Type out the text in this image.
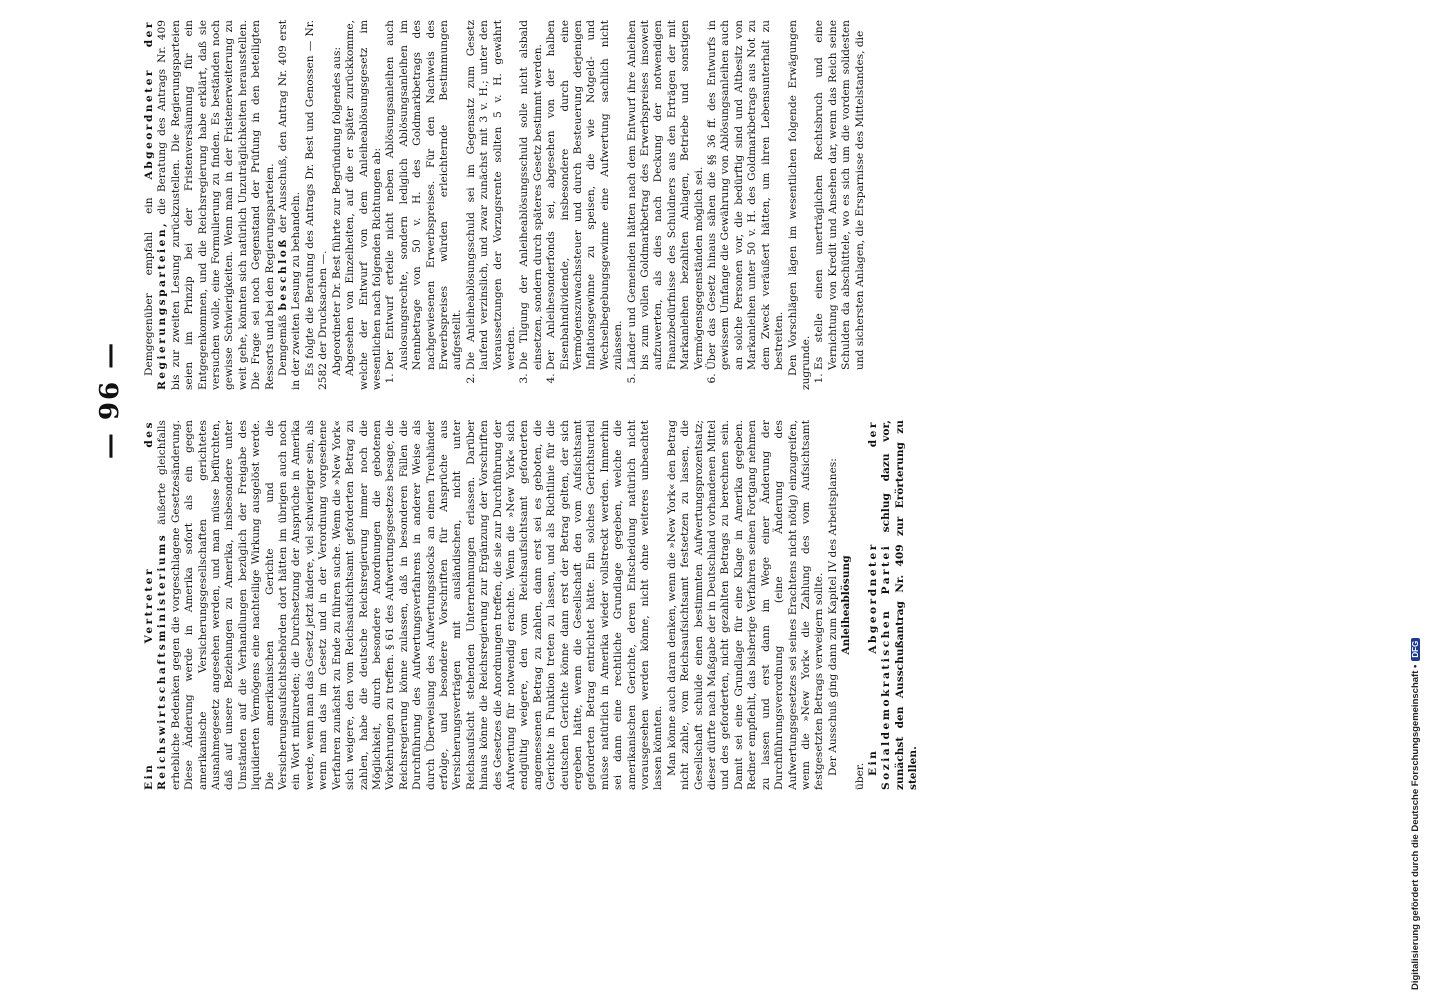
— 96 —

Ein Vertreter des Reichswirtschaftsministeriums äußerte gleichfalls erhebliche Bedenken gegen die vorgeschlagene Gesetzesänderung. Diese Änderung werde in Amerika sofort als ein gegen amerikanische Versicherungsgesellschaften gerichtetes Ausnahmegesetz angesehen werden, und man müsse befürchten, daß auf unsere Beziehungen zu Amerika, insbesondere unter Umständen auf die Verhandlungen bezüglich der Freigabe des liquidierten Vermögens eine nachteilige Wirkung ausgelöst werde. Die amerikanischen Gerichte und die Versicherungsaufsichtsbehörden dort hätten im übrigen auch noch ein Wort mitzureden; die Durchsetzung der Ansprüche in Amerika werde, wenn man das Gesetz jetzt ändere, viel schwieriger sein, als wenn man das im Gesetz und in der Verordnung vorgesehene Verfahren zunächst zu Ende zu führen suche. Wenn die »New York« sich weigere, den vom Reichsaufsichtsamt geforderten Betrag zu zahlen, habe die deutsche Reichsregierung immer noch die Möglichkeit, durch besondere Anordnungen die gebotenen Vorkehrungen zu treffen. § 61 des Aufwertungsgesetzes besage, die Reichsregierung könne zulassen, daß in besonderen Fällen die Durchführung des Aufwertungsverfahrens in anderer Weise als durch Überweisung des Aufwertungsstocks an einen Treuhänder erfolge, und besondere Vorschriften für Ansprüche aus Versicherungsverträgen mit ausländischen, nicht unter Reichsaufsicht stehenden Unternehmungen erlassen. Darüber hinaus könne die Reichsregierung zur Ergänzung der Vorschriften des Gesetzes die Anordnungen treffen, die sie zur Durchführung der Aufwertung für notwendig erachte. Wenn die »New York« sich endgültig weigere, den vom Reichsaufsichtsamt geforderten angemessenen Betrag zu zahlen, dann erst sei es geboten, die Gerichte in Funktion treten zu lassen, und als Richtlinie für die deutschen Gerichte könne dann erst der Betrag gelten, der sich ergeben hätte, wenn die Gesellschaft den vom Aufsichtsamt geforderten Betrag entrichtet hätte. Ein solches Gerichtsurteil müsse natürlich in Amerika wieder vollstreckt werden. Immerhin sei dann eine rechtliche Grundlage gegeben, welche die amerikanischen Gerichte, deren Entscheidung natürlich nicht vorausgesehen werden könne, nicht ohne weiteres unbeachtet lassen könnten. Man könne auch daran denken, wenn die »New York« den Betrag nicht zahle, vom Reichsaufsichtsamt festsetzen zu lassen, die Gesellschaft schulde einen bestimmten Aufwertungsprozentsatz; dieser dürfte nach Maßgabe der in Deutschland vorhandenen Mittel und des geforderten, nicht gezahlten Betrags zu berechnen sein. Damit sei eine Grundlage für eine Klage in Amerika gegeben. Redner empfiehlt, das bisherige Verfahren seinen Fortgang nehmen zu lassen und erst dann im Wege einer Änderung der Durchführungsverordnung (eine Änderung des Aufwertungsgesetzes sei seines Erachtens nicht nötig) einzugreifen, wenn die »New York« die Zahlung des vom Aufsichtsamt festgesetzten Betrags verweigern sollte. Der Ausschuß ging dann zum Kapitel IV des Arbeitsplanes: Anleiheablösung

über.

Ein Abgeordneter der Sozialdemokratischen Partei schlug dazu vor, zunächst den Ausschußantrag Nr. 409 zur Erörterung zu stellen.

Demgegenüber empfahl ein Abgeordneter der Regierungsparteien, die Beratung des Antrags Nr. 409 bis zur zweiten Lesung zurückzustellen. Die Regierungsparteien seien im Prinzip bei der Fristenversäumung für ein Entgegenkommen, und die Reichsregierung habe erklärt, daß sie versuchen wolle, eine Formulierung zu finden. Es beständen noch gewisse Schwierigkeiten. Wenn man in der Fristenerweiterung zu weit gehe, könnten sich natürlich Unzuträglichkeiten herausstellen. Die Frage sei noch Gegenstand der Prüfung in den beteiligten Ressorts und bei den Regierungsparteien. Demgemäß beschloß der Ausschuß, den Antrag Nr. 409 erst in der zweiten Lesung zu behandeln. Es folgte die Beratung des Antrags Dr. Best und Genossen — Nr. 2582 der Drucksachen —. Abgeordneter Dr. Best führte zur Begründung folgendes aus: Abgesehen von Einzelheiten, auf die er später zurückkomme, welche der Entwurf von dem Anleiheablösungsgesetz im wesentlichen nach folgenden Richtungen ab: 1. Der Entwurf erteile nicht neben Ablösungsanleihen auch Auslosungsrechte, sondern lediglich Ablösungsanleihen im Nennbetrage von 50 v. H. des Goldmarkbetrags des nachgewiesenen Erwerbspreises. Für den Nachweis des Erwerbspreises würden erleichternde Bestimmungen aufgestellt. 2. Die Anleiheablösungsschuld sei im Gegensatz zum Gesetz laufend verzinslich, und zwar zunächst mit 3 v. H.; unter den Voraussetzungen der Vorzugsrente sollten 5 v. H. gewährt werden. 3. Die Tilgung der Anleiheablösungsschuld solle nicht alsbald einsetzen, sondern durch späteres Gesetz bestimmt werden. 4. Der Anleihesonderfonds sei, abgesehen von der halben Eisenbahndividende, insbesondere durch eine Vermögenszuwachssteuer und durch Besteuerung derjenigen Inflationsgewinne zu speisen, die wie Notgeld- und Wechselbegebungsgewinne eine Aufwertung sachlich nicht zulassen. 5. Länder und Gemeinden hätten nach dem Entwurf ihre Anleihen bis zum vollen Goldmarkbetrag des Erwerbspreises insoweit aufzuwerten, als dies nach Deckung der notwendigen Finanzbedürfnisse des Schuldners aus den Erträgen der mit Markanleihen bezahlten Anlagen, Betriebe und sonstigen Vermögensgegenständen möglich sei. 6. Über das Gesetz hinaus sähen die §§ 36 ff. des Entwurfs in gewissem Umfange die Gewährung von Ablösungsanleihen auch an solche Personen vor, die bedürftig sind und Altbesitz von Markanleihen unter 50 v. H. des Goldmarkbetrags aus Not zu dem Zweck veräußert hätten, um ihren Lebensunterhalt zu bestreiten. Den Vorschlägen lägen im wesentlichen folgende Erwägungen zugrunde. 1. Es stelle einen unerträglichen Rechtsbruch und eine Vernichtung von Kredit und Ansehen dar, wenn das Reich seine Schulden da abschüttele, wo es sich um die vordem solidesten und sichersten Anlagen, die Ersparnisse des Mittelstandes, die
Digitalisierung gefördert durch die Deutsche Forschungsgemeinschaft •DFG
